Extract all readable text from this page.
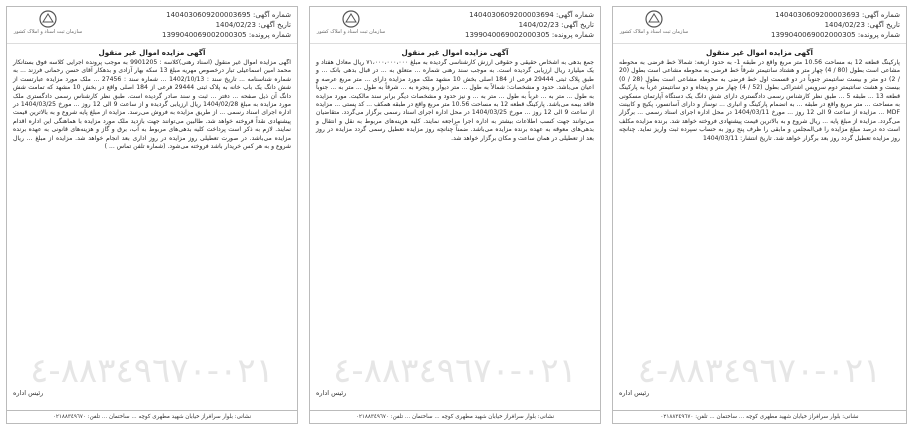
شماره آگهی: 1404030609200003695
تاریخ آگهی: 1404/02/23
شماره پرونده: 1399040069002000305
سازمان ثبت اسناد و املاک کشور
آگهی مزایده اموال غیر منقول

آگهی مزایده اموال غیر منقول (اسناد رهنی)کلاسه : 9901205 به موجب پرونده اجرایی کلاسه فوق بستانکار محمد امین اسماعیلی تبار درخصوص مهریه مبلغ 13 سکه بهار آزادی و بدهکار آقای حسن رحمانی فرزند ... به شماره شناسنامه ... تاریخ سند : 1402/10/13 ... شماره سند : 27456 ... ملک مورد مزایده عبارتست از شش دانگ یک باب خانه به پلاک ثبتی 29444 فرعی از 184 اصلی واقع در بخش 10 مشهد که تمامت شش دانگ آن ذیل صفحه ... دفتر ... ثبت و سند صادر گردیده است. طبق نظر کارشناس رسمی دادگستری ملک مورد مزایده به مبلغ 1404/02/28 ریال ارزیابی گردیده و از ساعت 9 الی 12 روز ... مورخ 1404/03/25 در اداره اجرای اسناد رسمی ... از طریق مزایده به فروش می‌رسد. مزایده از مبلغ پایه شروع و به بالاترین قیمت پیشنهادی نقداً فروخته خواهد شد. طالبین می‌توانند جهت بازدید ملک مورد مزایده با هماهنگی این اداره اقدام نمایند. لازم به ذکر است پرداخت کلیه بدهی‌های مربوط به آب، برق و گاز و هزینه‌های قانونی به عهده برنده مزایده می‌باشد. در صورت تعطیلی روز مزایده در روز اداری بعد انجام خواهد شد. مزایده از مبلغ ... ریال شروع و به هر کس خریدار باشد فروخته می‌شود. (شماره تلفن تماس ... )

٠٢١-٨٨٣٤٩٦٧٠-٤
رئیس اداره
نشانی: بلوار سرافراز خیابان شهید مطهری کوچه ... ساختمان ... تلفن: ٠٢١٨٨٣٤٩٦٧٠
شماره آگهی: 1404030609200003694
تاریخ آگهی: 1404/02/23
شماره پرونده: 1399040069002000305
سازمان ثبت اسناد و املاک کشور
آگهی مزایده اموال غیر منقول

جمع بدهی به اشخاص حقیقی و حقوقی ارزش کارشناسی گردیده به مبلغ ۷۱،۰۰۰،۰۰۰،۰۰۰ ریال معادل هفتاد و یک میلیارد ریال ارزیابی گردیده است. به موجب سند رهنی شماره ... متعلق به ... در قبال بدهی بانک ... و طبق پلاک ثبتی 29444 فرعی از 184 اصلی بخش 10 مشهد ملک مورد مزایده دارای ... متر مربع عرصه و اعیان می‌باشد. حدود و مشخصات: شمالاً به طول ... متر دیوار و پنجره به ... شرقاً به طول ... متر به ... جنوباً به طول ... متر به ... غرباً به طول ... متر به ... و نیز حدود و مشخصات دیگر برابر سند مالکیت. مورد مزایده فاقد بیمه می‌باشد. پارکینگ قطعه 12 به مساحت 10.56 متر مربع واقع در طبقه همکف ... کد پستی ... مزایده از ساعت 9 الی 12 روز ... مورخ 1404/03/25 در محل اداره اجرای اسناد رسمی برگزار می‌گردد. متقاضیان می‌توانند جهت کسب اطلاعات بیشتر به اداره اجرا مراجعه نمایند. کلیه هزینه‌های مربوط به نقل و انتقال و بدهی‌های معوقه به عهده برنده مزایده می‌باشد. ضمناً چنانچه روز مزایده تعطیل رسمی گردد مزایده در روز بعد از تعطیلی در همان ساعت و مکان برگزار خواهد شد.

٠٢١-٨٨٣٤٩٦٧٠-٤
رئیس اداره
نشانی: بلوار سرافراز خیابان شهید مطهری کوچه ... ساختمان ... تلفن: ٠٢١٨٨٣٤٩٦٧٠
شماره آگهی: 1404030609200003693
تاریخ آگهی: 1404/02/23
شماره پرونده: 1399040069002000305
سازمان ثبت اسناد و املاک کشور
آگهی مزایده اموال غیر منقول

پارکینگ قطعه 12 به مساحت 10.56 متر مربع واقع در طبقه 1- به حدود اربعه: شمالاً خط فرضی به محوطه مشاعی است بطول (80 / 4) چهار متر و هشتاد سانتیمتر شرقاً خط فرضی به محوطه مشاعی است بطول (20 / 2) دو متر و بیست سانتیمتر جنوباً در دو قسمت اول خط فرضی به محوطه مشاعی است بطول (28 / 0) بیست و هشت سانتیمتر دوم سرویس اشتراکی بطول (52 / 4) چهار متر و پنجاه و دو سانتیمتر غرباً به پارکینگ قطعه 13 ... طبقه 5 ... طبق نظر کارشناس رسمی دادگستری دارای شش دانگ یک دستگاه آپارتمان مسکونی به مساحت ... متر مربع واقع در طبقه ... به انضمام پارکینگ و انباری ... نوساز و دارای آسانسور، پکیج و کابینت MDF ... مزایده از ساعت 9 الی 12 روز ... مورخ 1404/03/11 در محل اداره اجرای اسناد رسمی ... برگزار می‌گردد. مزایده از مبلغ پایه ... ریال شروع و به بالاترین قیمت پیشنهادی فروخته خواهد شد. برنده مزایده مکلف است ده درصد مبلغ مزایده را فی‌المجلس و مابقی را ظرف پنج روز به حساب سپرده ثبت واریز نماید. چنانچه روز مزایده تعطیل گردد روز بعد برگزار خواهد شد. تاریخ انتشار: 1404/03/11

٠٢١-٨٨٣٤٩٦٧٠-٤
رئیس اداره
نشانی: بلوار سرافراز خیابان شهید مطهری کوچه ... ساختمان ... تلفن: ٠٢١٨٨٣٤٩٦٧٠
